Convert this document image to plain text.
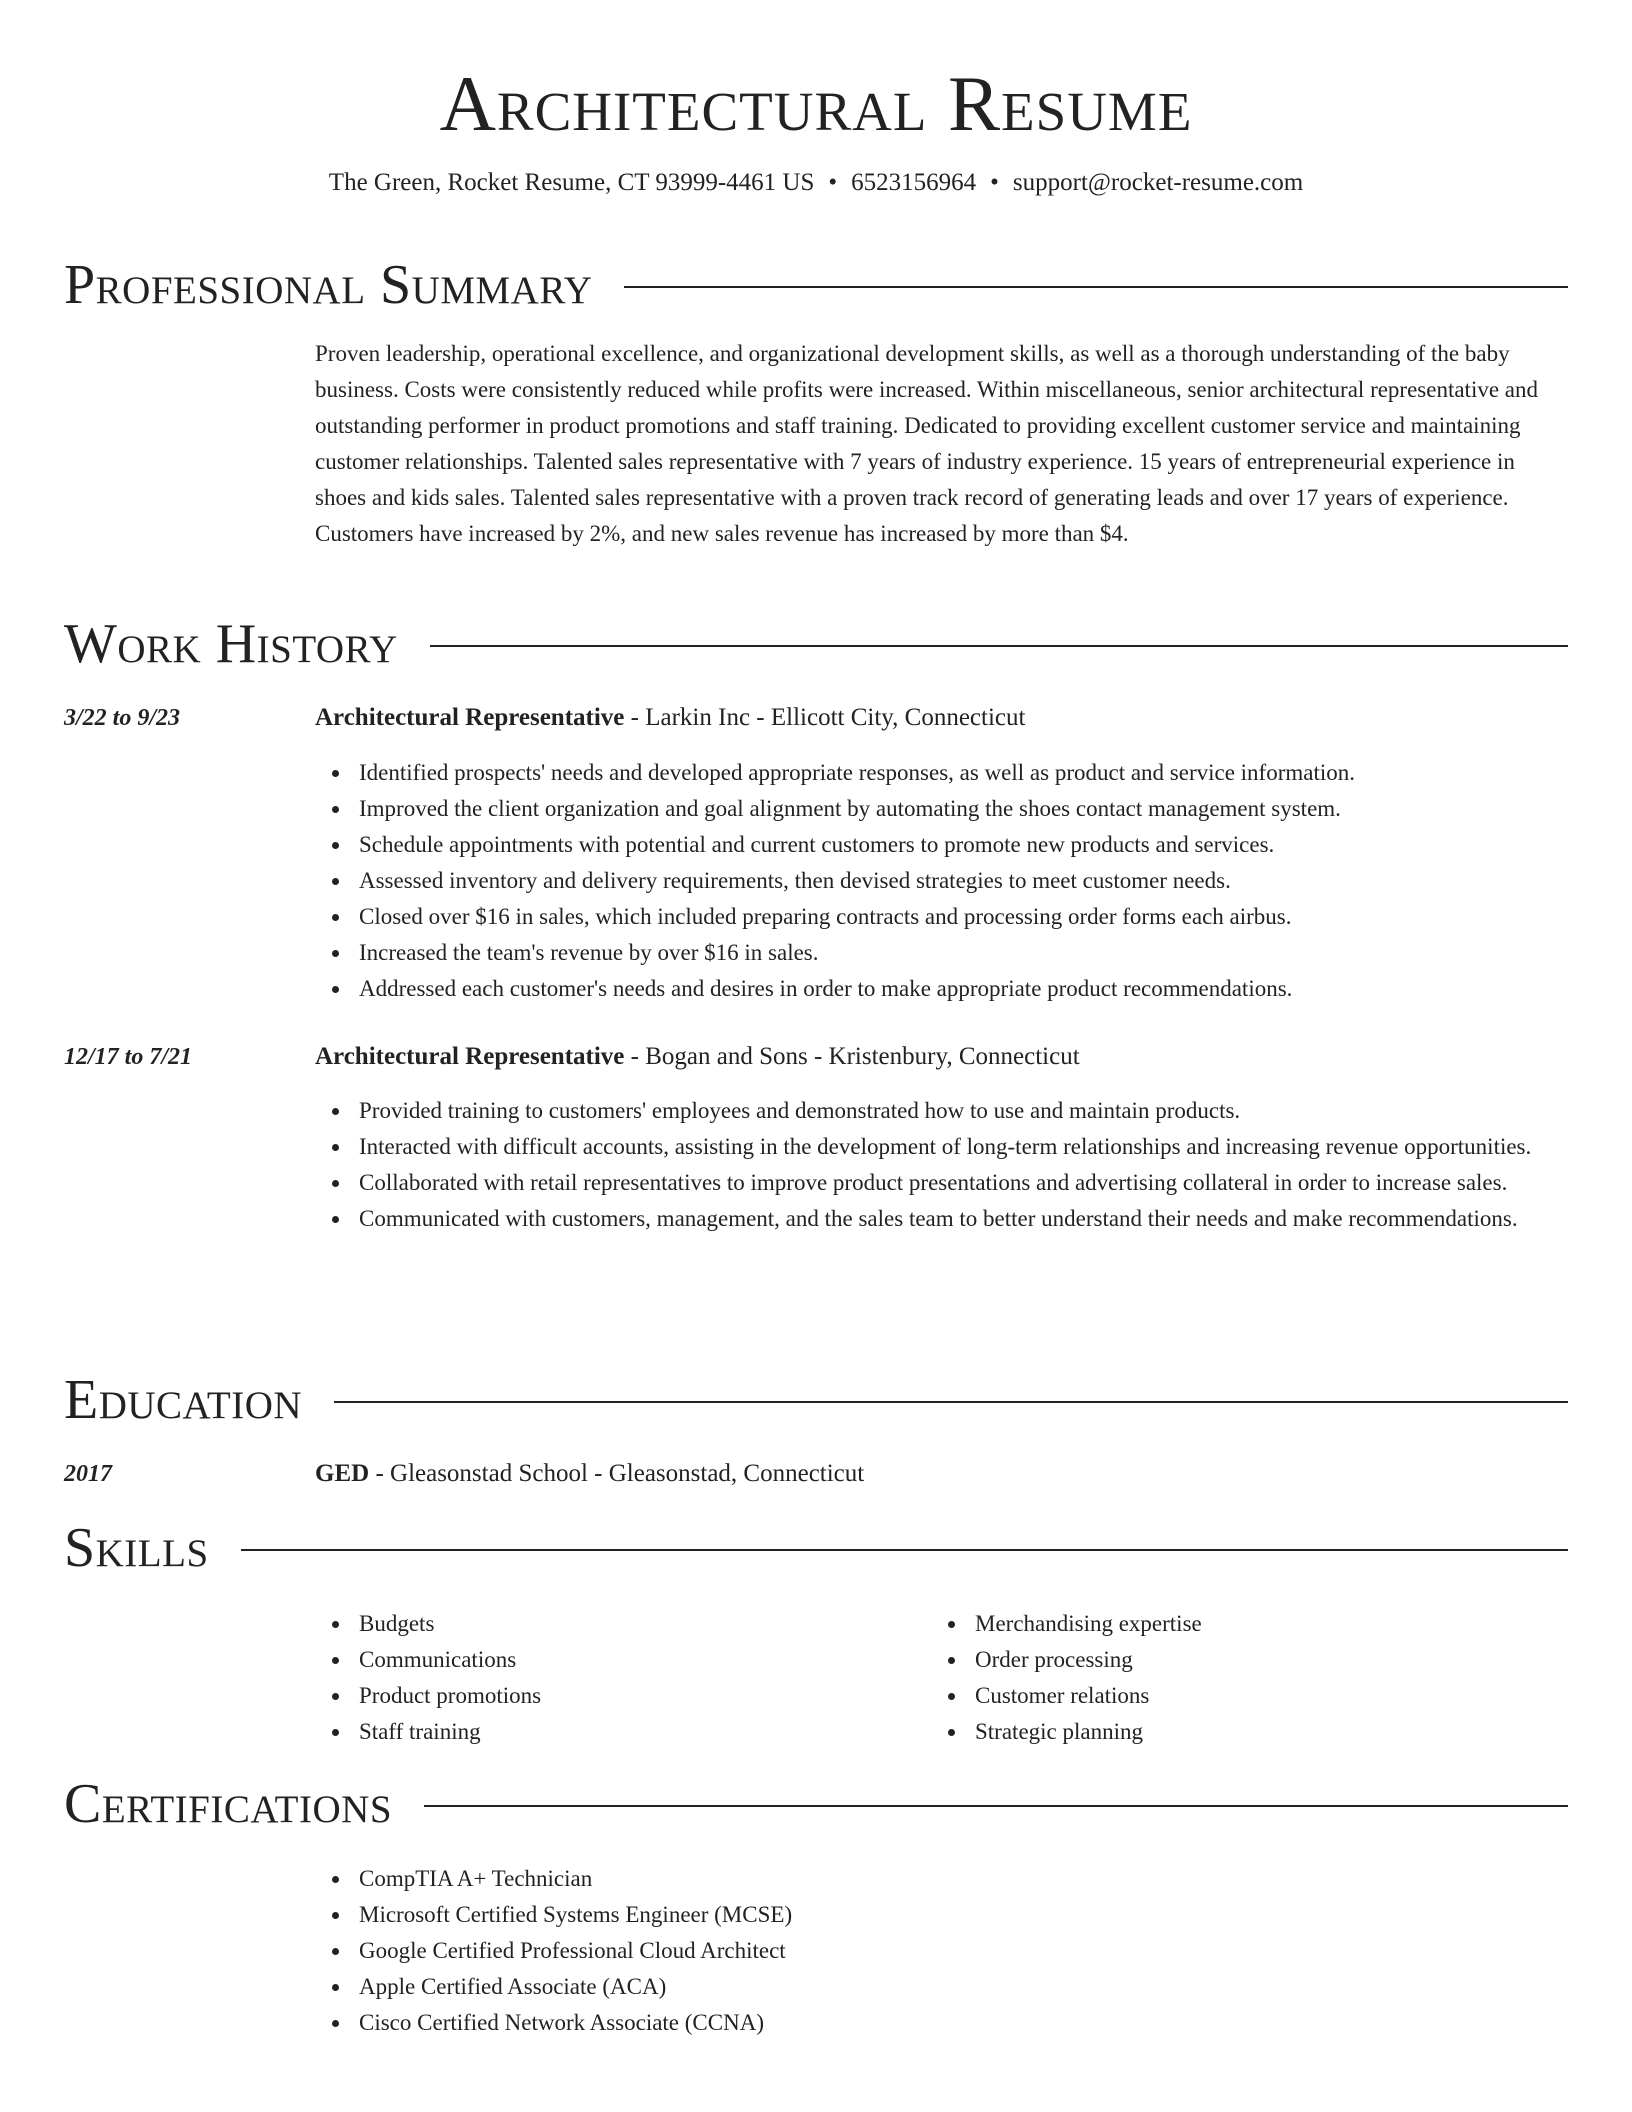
Architectural Resume
The Green, Rocket Resume, CT 93999-4461 US • 6523156964 • support@rocket-resume.com
Professional Summary

Proven leadership, operational excellence, and organizational development skills, as well as a thorough understanding of the baby business. Costs were consistently reduced while profits were increased. Within miscellaneous, senior architectural representative and outstanding performer in product promotions and staff training. Dedicated to providing excellent customer service and maintaining customer relationships. Talented sales representative with 7 years of industry experience. 15 years of entrepreneurial experience in shoes and kids sales. Talented sales representative with a proven track record of generating leads and over 17 years of experience. Customers have increased by 2%, and new sales revenue has increased by more than $4.

Work History
3/22 to 9/23	Architectural Representative - Larkin Inc - Ellicott City, Connecticut
Identified prospects' needs and developed appropriate responses, as well as product and service information.
Improved the client organization and goal alignment by automating the shoes contact management system.
Schedule appointments with potential and current customers to promote new products and services.
Assessed inventory and delivery requirements, then devised strategies to meet customer needs.
Closed over $16 in sales, which included preparing contracts and processing order forms each airbus.
Increased the team's revenue by over $16 in sales.
Addressed each customer's needs and desires in order to make appropriate product recommendations.
12/17 to 7/21	Architectural Representative - Bogan and Sons - Kristenbury, Connecticut
Provided training to customers' employees and demonstrated how to use and maintain products.
Interacted with difficult accounts, assisting in the development of long-term relationships and increasing revenue opportunities.
Collaborated with retail representatives to improve product presentations and advertising collateral in order to increase sales.
Communicated with customers, management, and the sales team to better understand their needs and make recommendations.
Education
2017	GED - Gleasonstad School - Gleasonstad, Connecticut
Skills
Budgets
Communications
Product promotions
Staff training
Merchandising expertise
Order processing
Customer relations
Strategic planning
Certifications
CompTIA A+ Technician
Microsoft Certified Systems Engineer (MCSE)
Google Certified Professional Cloud Architect
Apple Certified Associate (ACA)
Cisco Certified Network Associate (CCNA)
